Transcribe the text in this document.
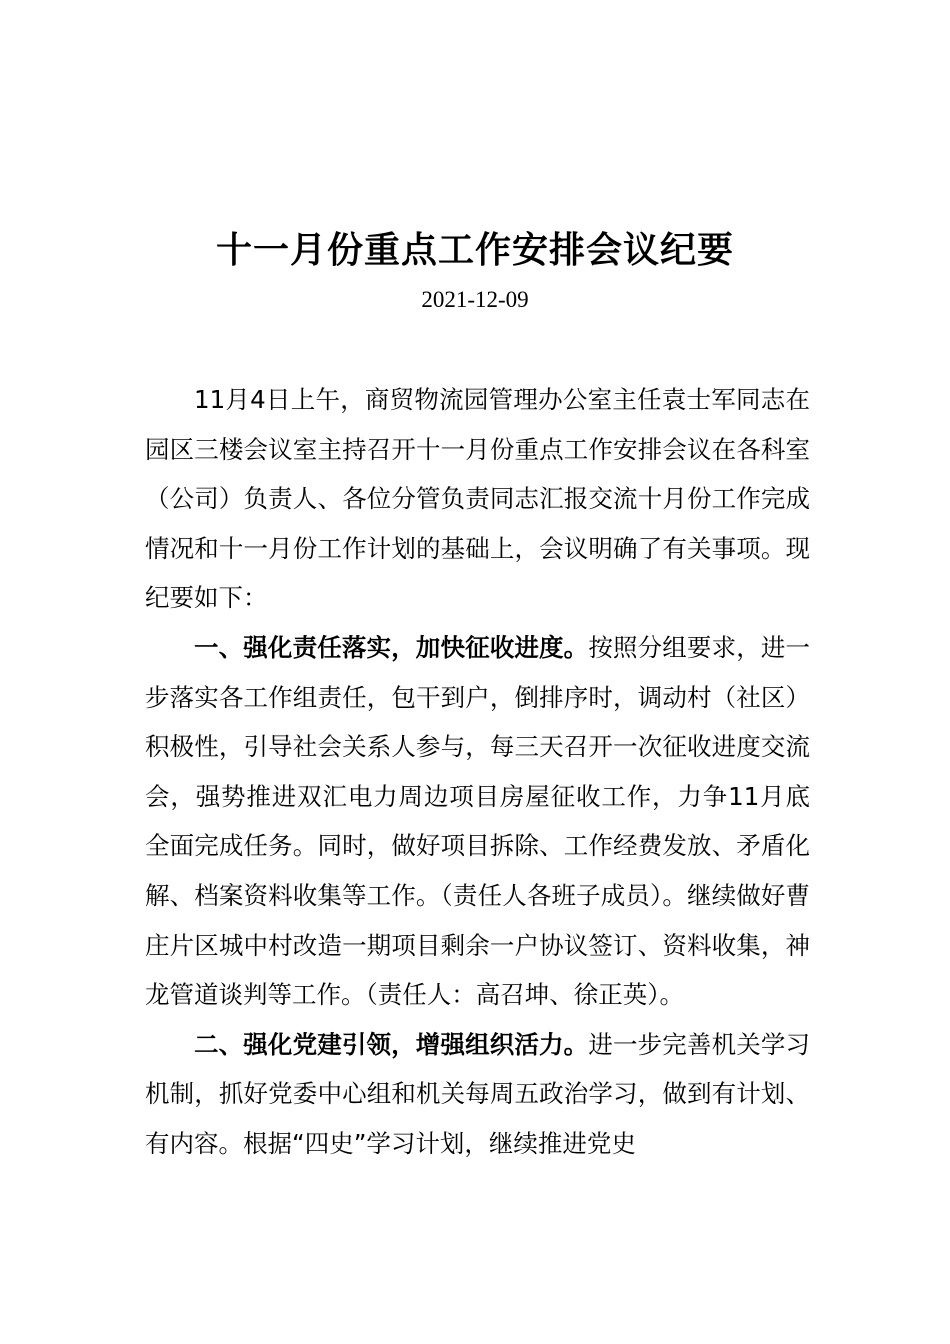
十一月份重点工作安排会议纪要
2021-12-09

11月4日上午，商贸物流园管理办公室主任袁士军同志在园区三楼会议室主持召开十一月份重点工作安排会议在各科室（公司）负责人、各位分管负责同志汇报交流十月份工作完成情况和十一月份工作计划的基础上，会议明确了有关事项。现纪要如下：

一、强化责任落实，加快征收进度。按照分组要求，进一步落实各工作组责任，包干到户，倒排序时，调动村（社区）积极性，引导社会关系人参与，每三天召开一次征收进度交流会，强势推进双汇电力周边项目房屋征收工作，力争11月底全面完成任务。同时，做好项目拆除、工作经费发放、矛盾化解、档案资料收集等工作。（责任人各班子成员）。继续做好曹庄片区城中村改造一期项目剩余一户协议签订、资料收集，神龙管道谈判等工作。（责任人：高召坤、徐正英）。

二、强化党建引领，增强组织活力。进一步完善机关学习机制，抓好党委中心组和机关每周五政治学习，做到有计划、有内容。根据“四史”学习计划，继续推进党史
